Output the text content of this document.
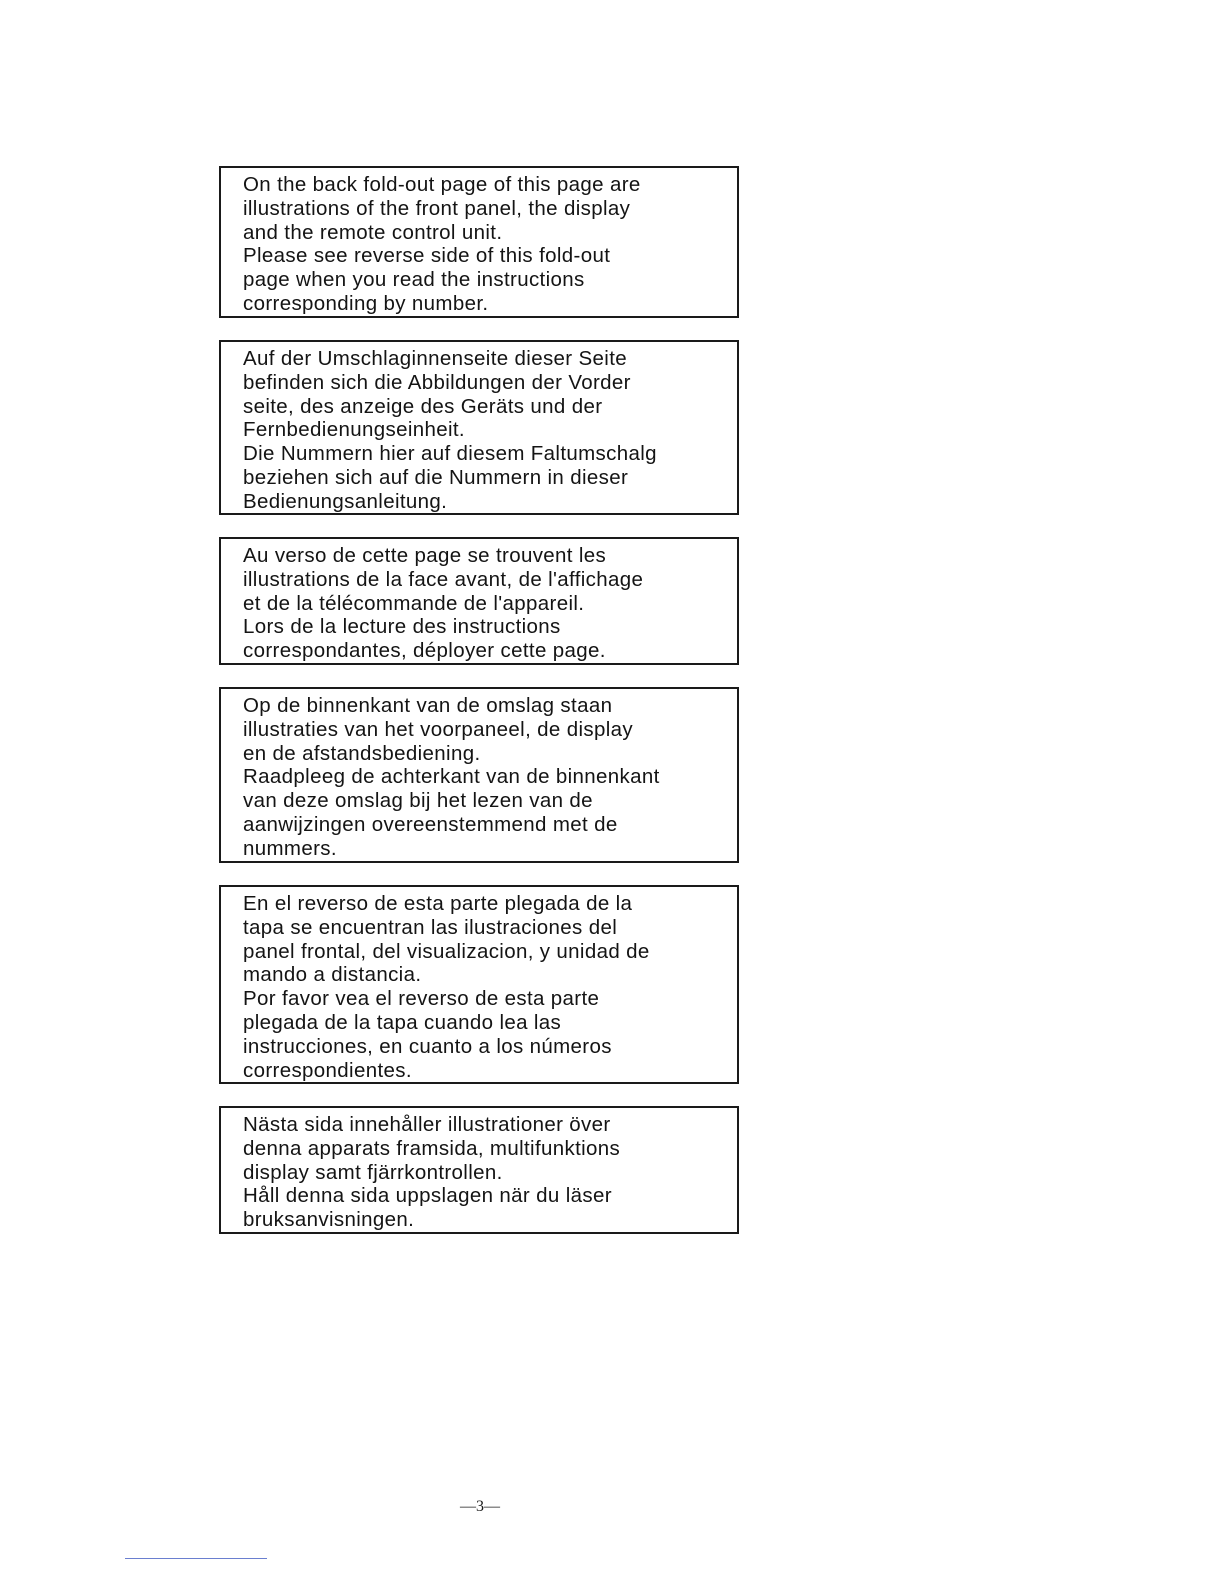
On the back fold-out page of this page are
illustrations of the front panel, the display
and the remote control unit.
Please see reverse side of this fold-out
page when you read the instructions
corresponding by number.
Auf der Umschlaginnenseite dieser Seite
befinden sich die Abbildungen der Vorder
seite, des anzeige des Geräts und der
Fernbedienungseinheit.
Die Nummern hier auf diesem Faltumschalg
beziehen sich auf die Nummern in dieser
Bedienungsanleitung.
Au verso de cette page se trouvent les
illustrations de la face avant, de l'affichage
et de la télécommande de l'appareil.
Lors de la lecture des instructions
correspondantes, déployer cette page.
Op de binnenkant van de omslag staan
illustraties van het voorpaneel, de display
en de afstandsbediening.
Raadpleeg de achterkant van de binnenkant
van deze omslag bij het lezen van de
aanwijzingen overeenstemmend met de
nummers.
En el reverso de esta parte plegada de la
tapa se encuentran las ilustraciones del
panel frontal, del visualizacion, y unidad de
mando a distancia.
Por favor vea el reverso de esta parte
plegada de la tapa cuando lea las
instrucciones, en cuanto a los números
correspondientes.
Nästa sida innehåller illustrationer över
denna apparats framsida, multifunktions
display samt fjärrkontrollen.
Håll denna sida uppslagen när du läser
bruksanvisningen.
—3—
